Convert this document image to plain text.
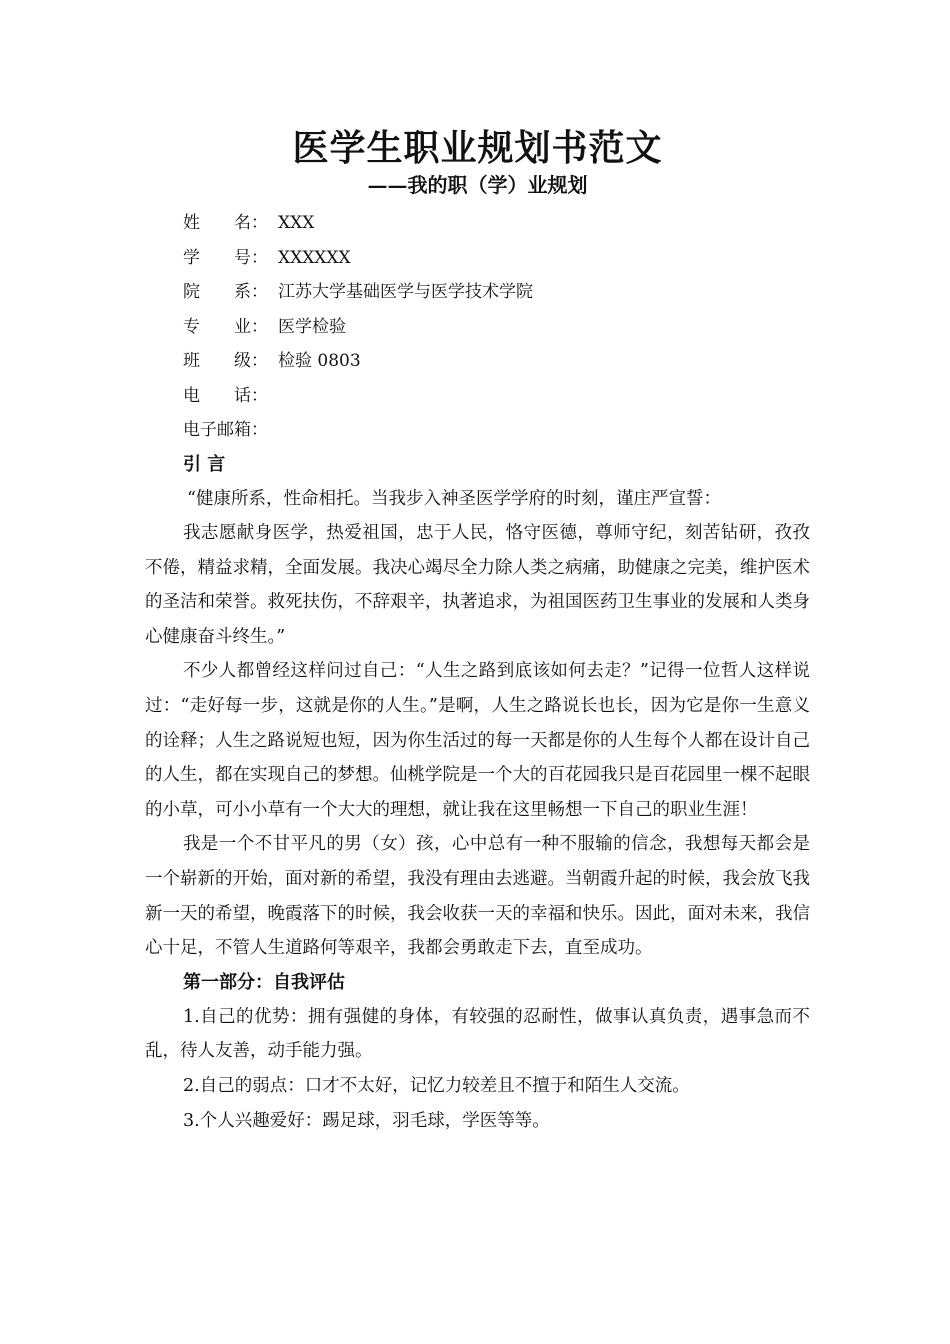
医学生职业规划书范文
——我的职（学）业规划
姓　　名： XXX
学　　号： XXXXXX
院　　系： 江苏大学基础医学与医学技术学院
专　　业： 医学检验
班　　级： 检验 0803
电　　话：
电子邮箱：
引 言

“健康所系，性命相托。当我步入神圣医学学府的时刻，谨庄严宣誓：

我志愿献身医学，热爱祖国，忠于人民，恪守医德，尊师守纪，刻苦钻研，孜孜不倦，精益求精，全面发展。我决心竭尽全力除人类之病痛，助健康之完美，维护医术的圣洁和荣誉。救死扶伤，不辞艰辛，执著追求，为祖国医药卫生事业的发展和人类身心健康奋斗终生。”

不少人都曾经这样问过自己：“人生之路到底该如何去走？”记得一位哲人这样说过：“走好每一步，这就是你的人生。”是啊，人生之路说长也长，因为它是你一生意义的诠释；人生之路说短也短，因为你生活过的每一天都是你的人生每个人都在设计自己的人生，都在实现自己的梦想。仙桃学院是一个大的百花园我只是百花园里一棵不起眼的小草，可小小草有一个大大的理想，就让我在这里畅想一下自己的职业生涯！

我是一个不甘平凡的男（女）孩，心中总有一种不服输的信念，我想每天都会是一个崭新的开始，面对新的希望，我没有理由去逃避。当朝霞升起的时候，我会放飞我新一天的希望，晚霞落下的时候，我会收获一天的幸福和快乐。因此，面对未来，我信心十足，不管人生道路何等艰辛，我都会勇敢走下去，直至成功。

第一部分：自我评估

1.自己的优势：拥有强健的身体，有较强的忍耐性，做事认真负责，遇事急而不乱，待人友善，动手能力强。

2.自己的弱点：口才不太好，记忆力较差且不擅于和陌生人交流。

3.个人兴趣爱好：踢足球，羽毛球，学医等等。
